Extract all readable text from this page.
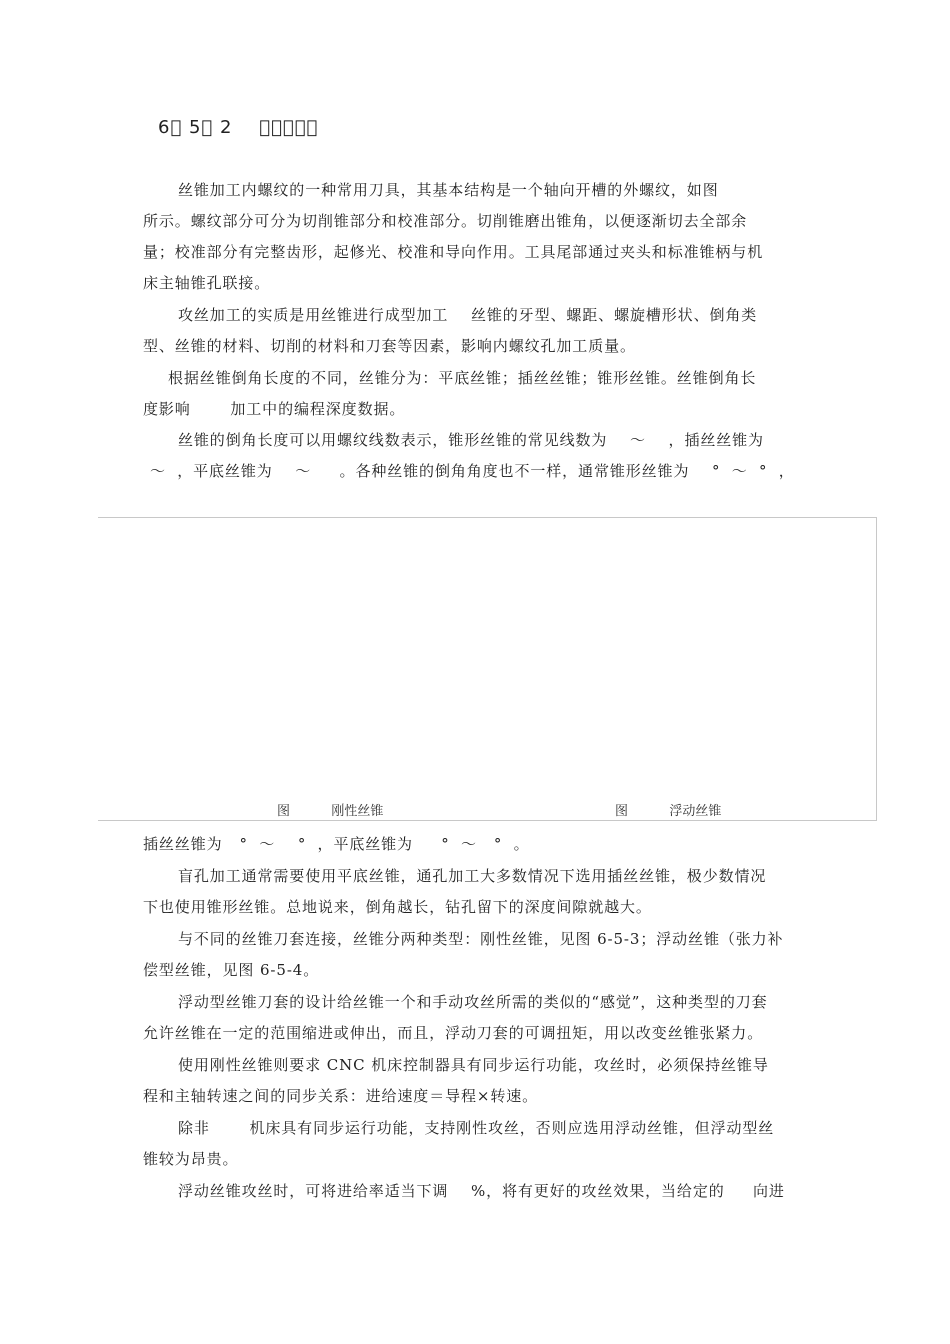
6  5  2         
丝锥加工内螺纹的一种常用刀具，其基本结构是一个轴向开槽的外螺纹，如图
所示。螺纹部分可分为切削锥部分和校准部分。切削锥磨出锥角，以便逐渐切去全部余
量；校准部分有完整齿形，起修光、校准和导向作用。工具尾部通过夹头和标准锥柄与机
床主轴锥孔联接。
攻丝加工的实质是用丝锥进行成型加工    丝锥的牙型、螺距、螺旋槽形状、倒角类
型、丝锥的材料、切削的材料和刀套等因素，影响内螺纹孔加工质量。
根据丝锥倒角长度的不同，丝锥分为：平底丝锥；插丝丝锥；锥形丝锥。丝锥倒角长
度影响       加工中的编程深度数据。
丝锥的倒角长度可以用螺纹线数表示，锥形丝锥的常见线数为    ～    ，插丝丝锥为
～  ，平底丝锥为    ～     。各种丝锥的倒角角度也不一样，通常锥形丝锥为    °  ～  °  ，
图          刚性丝锥	图          浮动丝锥
插丝丝锥为   °  ～    °  ，平底丝锥为     °  ～   °  。
盲孔加工通常需要使用平底丝锥，通孔加工大多数情况下选用插丝丝锥，极少数情况
下也使用锥形丝锥。总地说来，倒角越长，钻孔留下的深度间隙就越大。
与不同的丝锥刀套连接，丝锥分两种类型：刚性丝锥，见图 6-5-3；浮动丝锥（张力补
偿型丝锥，见图 6-5-4。
浮动型丝锥刀套的设计给丝锥一个和手动攻丝所需的类似的“感觉”，这种类型的刀套
允许丝锥在一定的范围缩进或伸出，而且，浮动刀套的可调扭矩，用以改变丝锥张紧力。
使用刚性丝锥则要求 CNC 机床控制器具有同步运行功能，攻丝时，必须保持丝锥导
程和主轴转速之间的同步关系：进给速度＝导程×转速。
除非       机床具有同步运行功能，支持刚性攻丝，否则应选用浮动丝锥，但浮动型丝
锥较为昂贵。
浮动丝锥攻丝时，可将进给率适当下调    %，将有更好的攻丝效果，当给定的     向进
